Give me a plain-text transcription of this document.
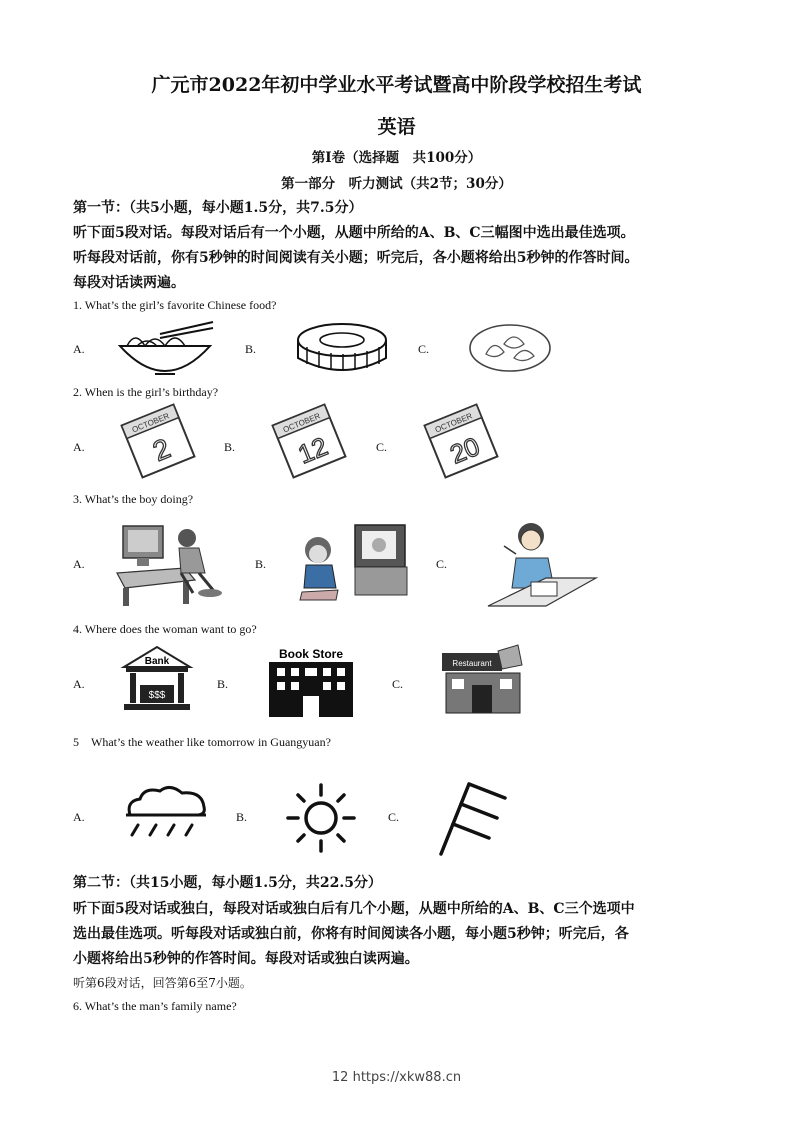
广元市2022年初中学业水平考试暨高中阶段学校招生考试
英语
第Ⅰ卷（选择题　共100分）
第一部分　听力测试（共2节；30分）
第一节：（共5小题，每小题1.5分，共7.5分）
听下面5段对话。每段对话后有一个小题，从题中所给的A、B、C三幅图中选出最佳选项。
听每段对话前，你有5秒钟的时间阅读有关小题；听完后，各小题将给出5秒钟的作答时间。
每段对话读两遍。
1. What’s the girl’s favorite Chinese food?
A.	B.	C.
2. When is the girl’s birthday?
A.
OCTOBER
2	B.
OCTOBER
12	C.
OCTOBER
20
3. What’s the boy doing?
A.	B.	C.
4. Where does the woman want to go?
A.
Bank
$$$
B.
Book Store
C.
Restaurant
5　What’s the weather like tomorrow in Guangyuan?
A.	B.	C.
第二节：（共15小题，每小题1.5分，共22.5分）
听下面5段对话或独白，每段对话或独白后有几个小题，从题中所给的A、B、C三个选项中
选出最佳选项。听每段对话或独白前，你将有时间阅读各小题，每小题5秒钟；听完后，各
小题将给出5秒钟的作答时间。每段对话或独白读两遍。
听第6段对话，回答第6至7小题。
6. What’s the man’s family name?
12 https://xkw88.cn
